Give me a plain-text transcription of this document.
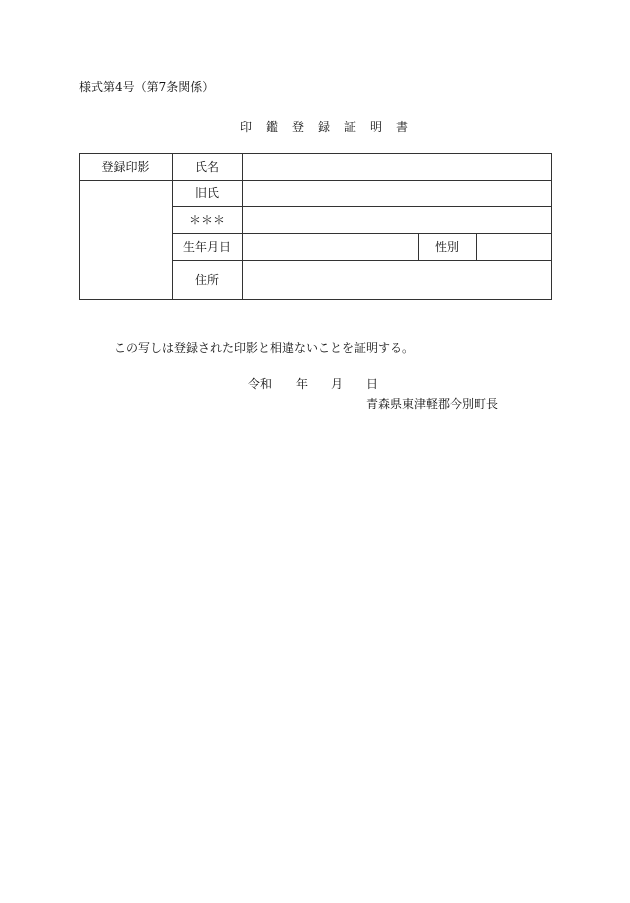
様式第4号（第7条関係）
印　鑑　登　録　証　明　書
登録印影	氏名
旧氏
＊＊＊
生年月日	性別
住所
この写しは登録された印影と相違ないことを証明する。
令和 年 月 日
青森県東津軽郡今別町長
